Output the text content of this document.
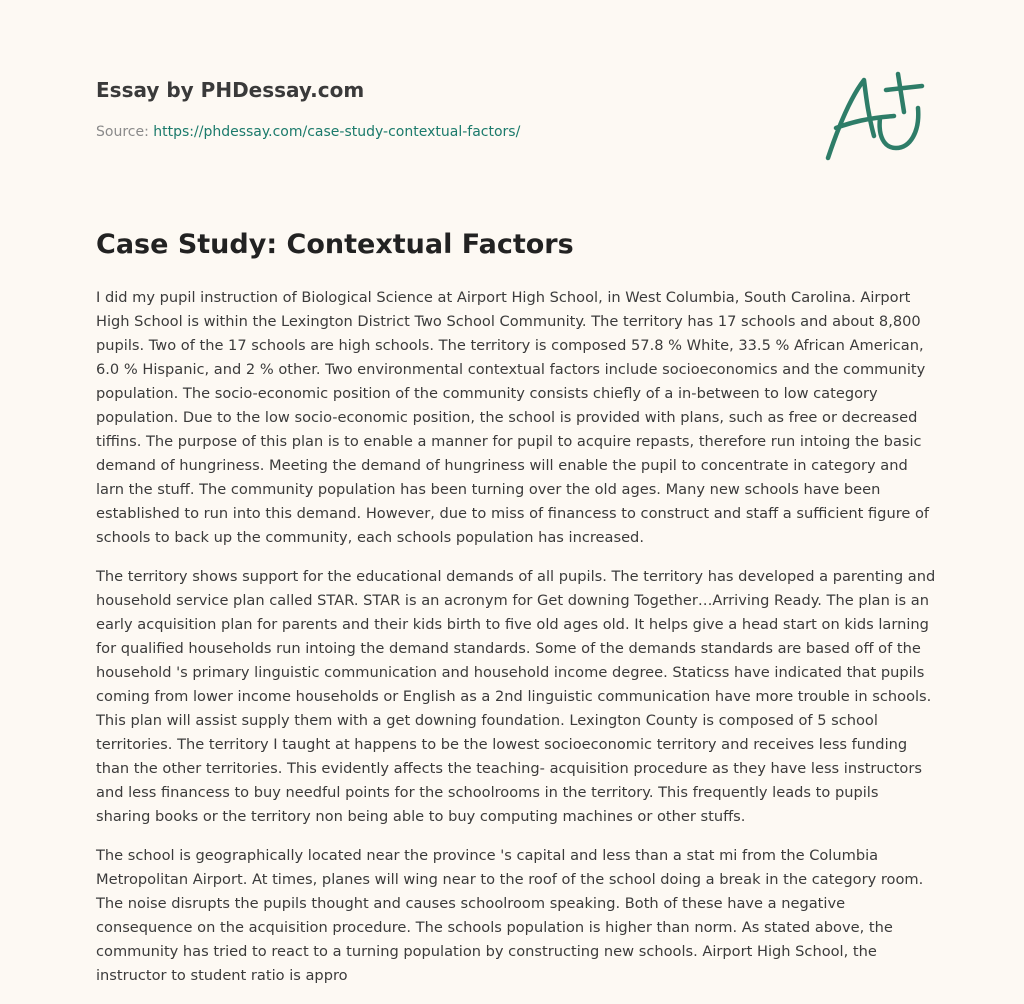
Essay by PHDessay.com
Source: https://phdessay.com/case-study-contextual-factors/
Case Study: Contextual Factors

I did my pupil instruction of Biological Science at Airport High School, in West Columbia, South Carolina. Airport High School is within the Lexington District Two School Community. The territory has 17 schools and about 8,800 pupils. Two of the 17 schools are high schools. The territory is composed 57.8 % White, 33.5 % African American, 6.0 % Hispanic, and 2 % other. Two environmental contextual factors include socioeconomics and the community population. The socio-economic position of the community consists chiefly of a in-between to low category population. Due to the low socio-economic position, the school is provided with plans, such as free or decreased tiffins. The purpose of this plan is to enable a manner for pupil to acquire repasts, therefore run intoing the basic demand of hungriness. Meeting the demand of hungriness will enable the pupil to concentrate in category and larn the stuff. The community population has been turning over the old ages. Many new schools have been established to run into this demand. However, due to miss of financess to construct and staff a sufficient figure of schools to back up the community, each schools population has increased.

The territory shows support for the educational demands of all pupils. The territory has developed a parenting and household service plan called STAR. STAR is an acronym for Get downing Together…Arriving Ready. The plan is an early acquisition plan for parents and their kids birth to five old ages old. It helps give a head start on kids larning for qualified households run intoing the demand standards. Some of the demands standards are based off of the household 's primary linguistic communication and household income degree. Staticss have indicated that pupils coming from lower income households or English as a 2nd linguistic communication have more trouble in schools. This plan will assist supply them with a get downing foundation. Lexington County is composed of 5 school territories. The territory I taught at happens to be the lowest socioeconomic territory and receives less funding than the other territories. This evidently affects the teaching- acquisition procedure as they have less instructors and less financess to buy needful points for the schoolrooms in the territory. This frequently leads to pupils sharing books or the territory non being able to buy computing machines or other stuffs.

The school is geographically located near the province 's capital and less than a stat mi from the Columbia Metropolitan Airport. At times, planes will wing near to the roof of the school doing a break in the category room. The noise disrupts the pupils thought and causes schoolroom speaking. Both of these have a negative consequence on the acquisition procedure. The schools population is higher than norm. As stated above, the community has tried to react to a turning population by constructing new schools. Airport High School, the instructor to student ratio is appro
